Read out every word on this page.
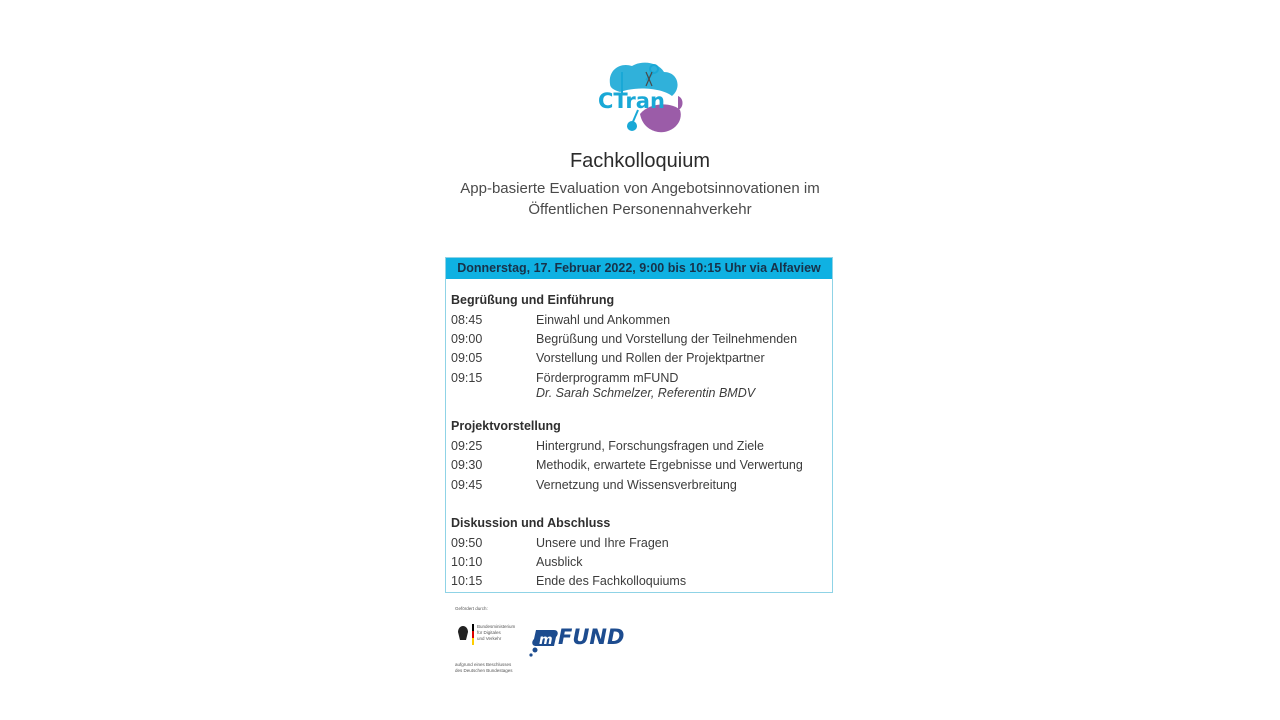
CTran
Fachkolloquium
App-basierte Evaluation von Angebotsinnovationen im
Öffentlichen Personennahverkehr
Donnerstag, 17. Februar 2022, 9:00 bis 10:15 Uhr via Alfaview
Begrüßung und Einführung
08:45	Einwahl und Ankommen
09:00	Begrüßung und Vorstellung der Teilnehmenden
09:05	Vorstellung und Rollen der Projektpartner
09:15	Förderprogramm mFUND
Dr. Sarah Schmelzer, Referentin BMDV
Projektvorstellung
09:25	Hintergrund, Forschungsfragen und Ziele
09:30	Methodik, erwartete Ergebnisse und Verwertung
09:45	Vernetzung und Wissensverbreitung
Diskussion und Abschluss
09:50	Unsere und Ihre Fragen
10:10	Ausblick
10:15	Ende des Fachkolloquiums
Gefördert durch:
Bundesministerium
für Digitales
und Verkehr
aufgrund eines Beschlusses
des Deutschen Bundestages
m FUND
